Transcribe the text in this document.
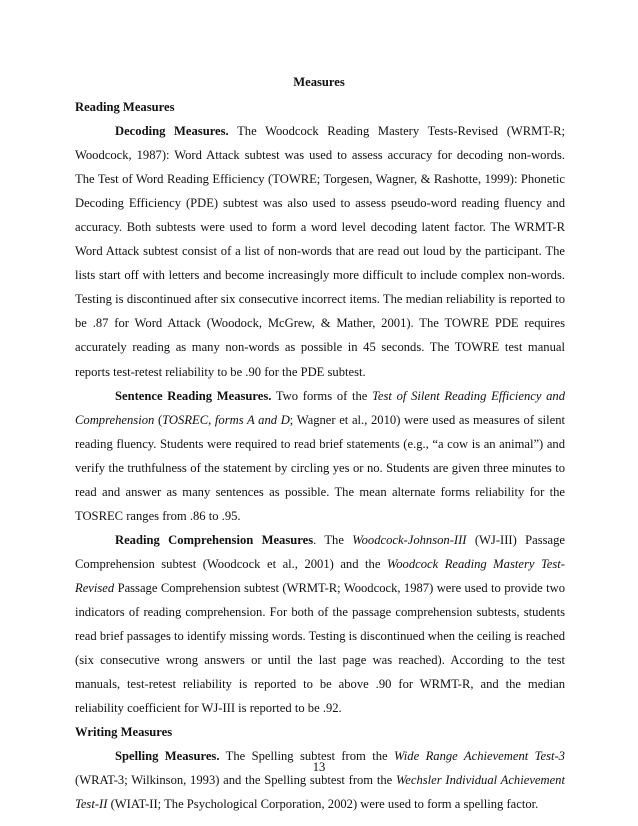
Measures
Reading Measures

Decoding Measures. The Woodcock Reading Mastery Tests-Revised (WRMT-R; Woodcock, 1987): Word Attack subtest was used to assess accuracy for decoding non-words. The Test of Word Reading Efficiency (TOWRE; Torgesen, Wagner, & Rashotte, 1999): Phonetic Decoding Efficiency (PDE) subtest was also used to assess pseudo-word reading fluency and accuracy. Both subtests were used to form a word level decoding latent factor. The WRMT-R Word Attack subtest consist of a list of non-words that are read out loud by the participant. The lists start off with letters and become increasingly more difficult to include complex non-words. Testing is discontinued after six consecutive incorrect items. The median reliability is reported to be .87 for Word Attack (Woodock, McGrew, & Mather, 2001). The TOWRE PDE requires accurately reading as many non-words as possible in 45 seconds. The TOWRE test manual reports test-retest reliability to be .90 for the PDE subtest.

Sentence Reading Measures. Two forms of the Test of Silent Reading Efficiency and Comprehension (TOSREC, forms A and D; Wagner et al., 2010) were used as measures of silent reading fluency. Students were required to read brief statements (e.g., “a cow is an animal”) and verify the truthfulness of the statement by circling yes or no. Students are given three minutes to read and answer as many sentences as possible. The mean alternate forms reliability for the TOSREC ranges from .86 to .95.

Reading Comprehension Measures. The Woodcock-Johnson-III (WJ-III) Passage Comprehension subtest (Woodcock et al., 2001) and the Woodcock Reading Mastery Test-Revised Passage Comprehension subtest (WRMT-R; Woodcock, 1987) were used to provide two indicators of reading comprehension. For both of the passage comprehension subtests, students read brief passages to identify missing words. Testing is discontinued when the ceiling is reached (six consecutive wrong answers or until the last page was reached). According to the test manuals, test-retest reliability is reported to be above .90 for WRMT-R, and the median reliability coefficient for WJ-III is reported to be .92.

Writing Measures

Spelling Measures. The Spelling subtest from the Wide Range Achievement Test-3 (WRAT-3; Wilkinson, 1993) and the Spelling subtest from the Wechsler Individual Achievement Test-II (WIAT-II; The Psychological Corporation, 2002) were used to form a spelling factor.

13
